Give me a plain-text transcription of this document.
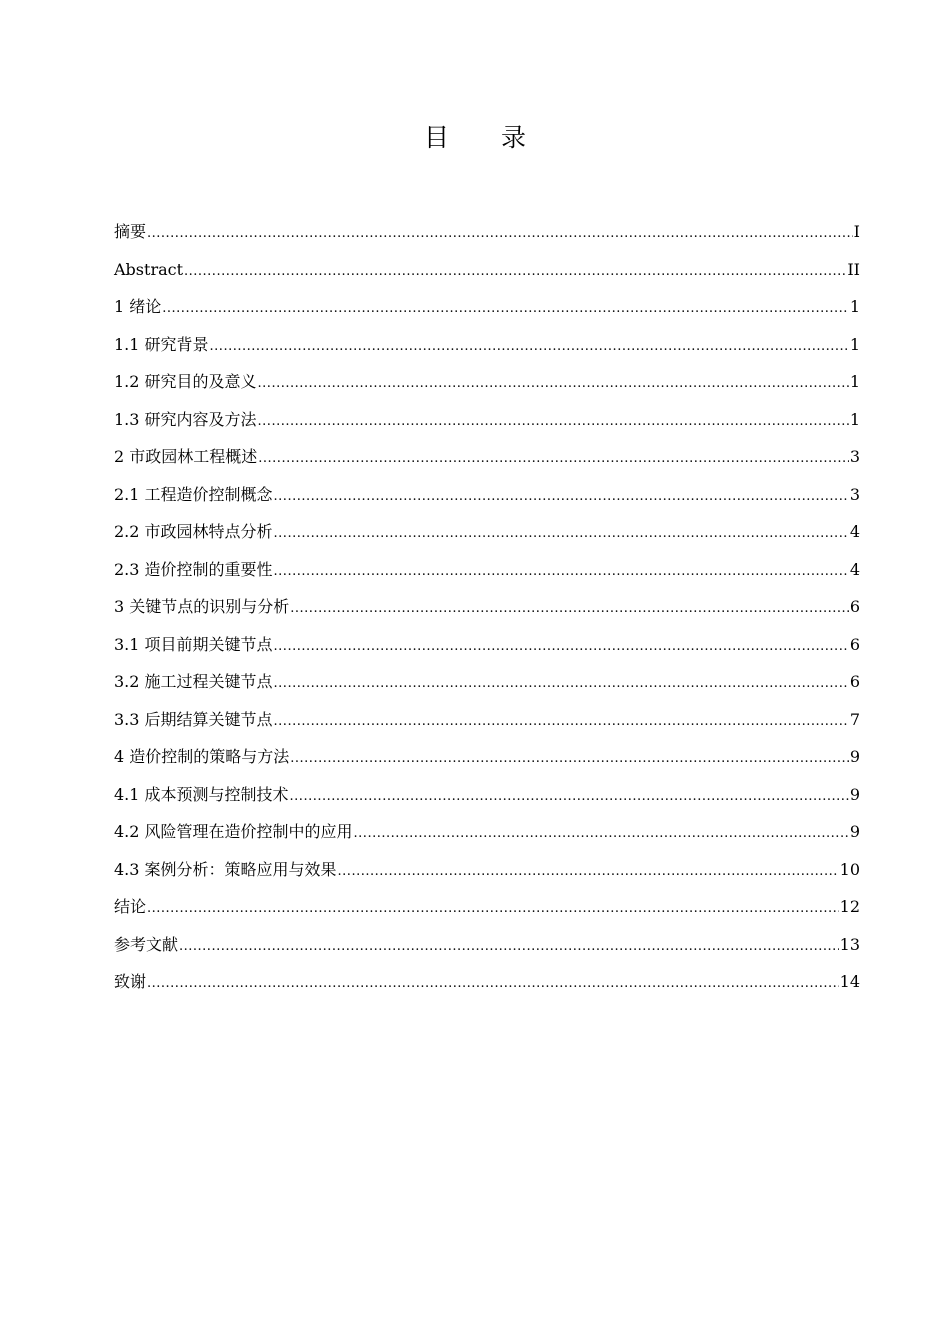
目 录
摘要 .....	I
Abstract .....	II
1 绪论 .....	1
1.1 研究背景 .....	1
1.2 研究目的及意义 .....	1
1.3 研究内容及方法 .....	1
2 市政园林工程概述 .....	3
2.1 工程造价控制概念 .....	3
2.2 市政园林特点分析 .....	4
2.3 造价控制的重要性 .....	4
3 关键节点的识别与分析 .....	6
3.1 项目前期关键节点 .....	6
3.2 施工过程关键节点 .....	6
3.3 后期结算关键节点 .....	7
4 造价控制的策略与方法 .....	9
4.1 成本预测与控制技术 .....	9
4.2 风险管理在造价控制中的应用 .....	9
4.3 案例分析：策略应用与效果 .....	10
结论 .....	12
参考文献 .....	13
致谢 .....	14
